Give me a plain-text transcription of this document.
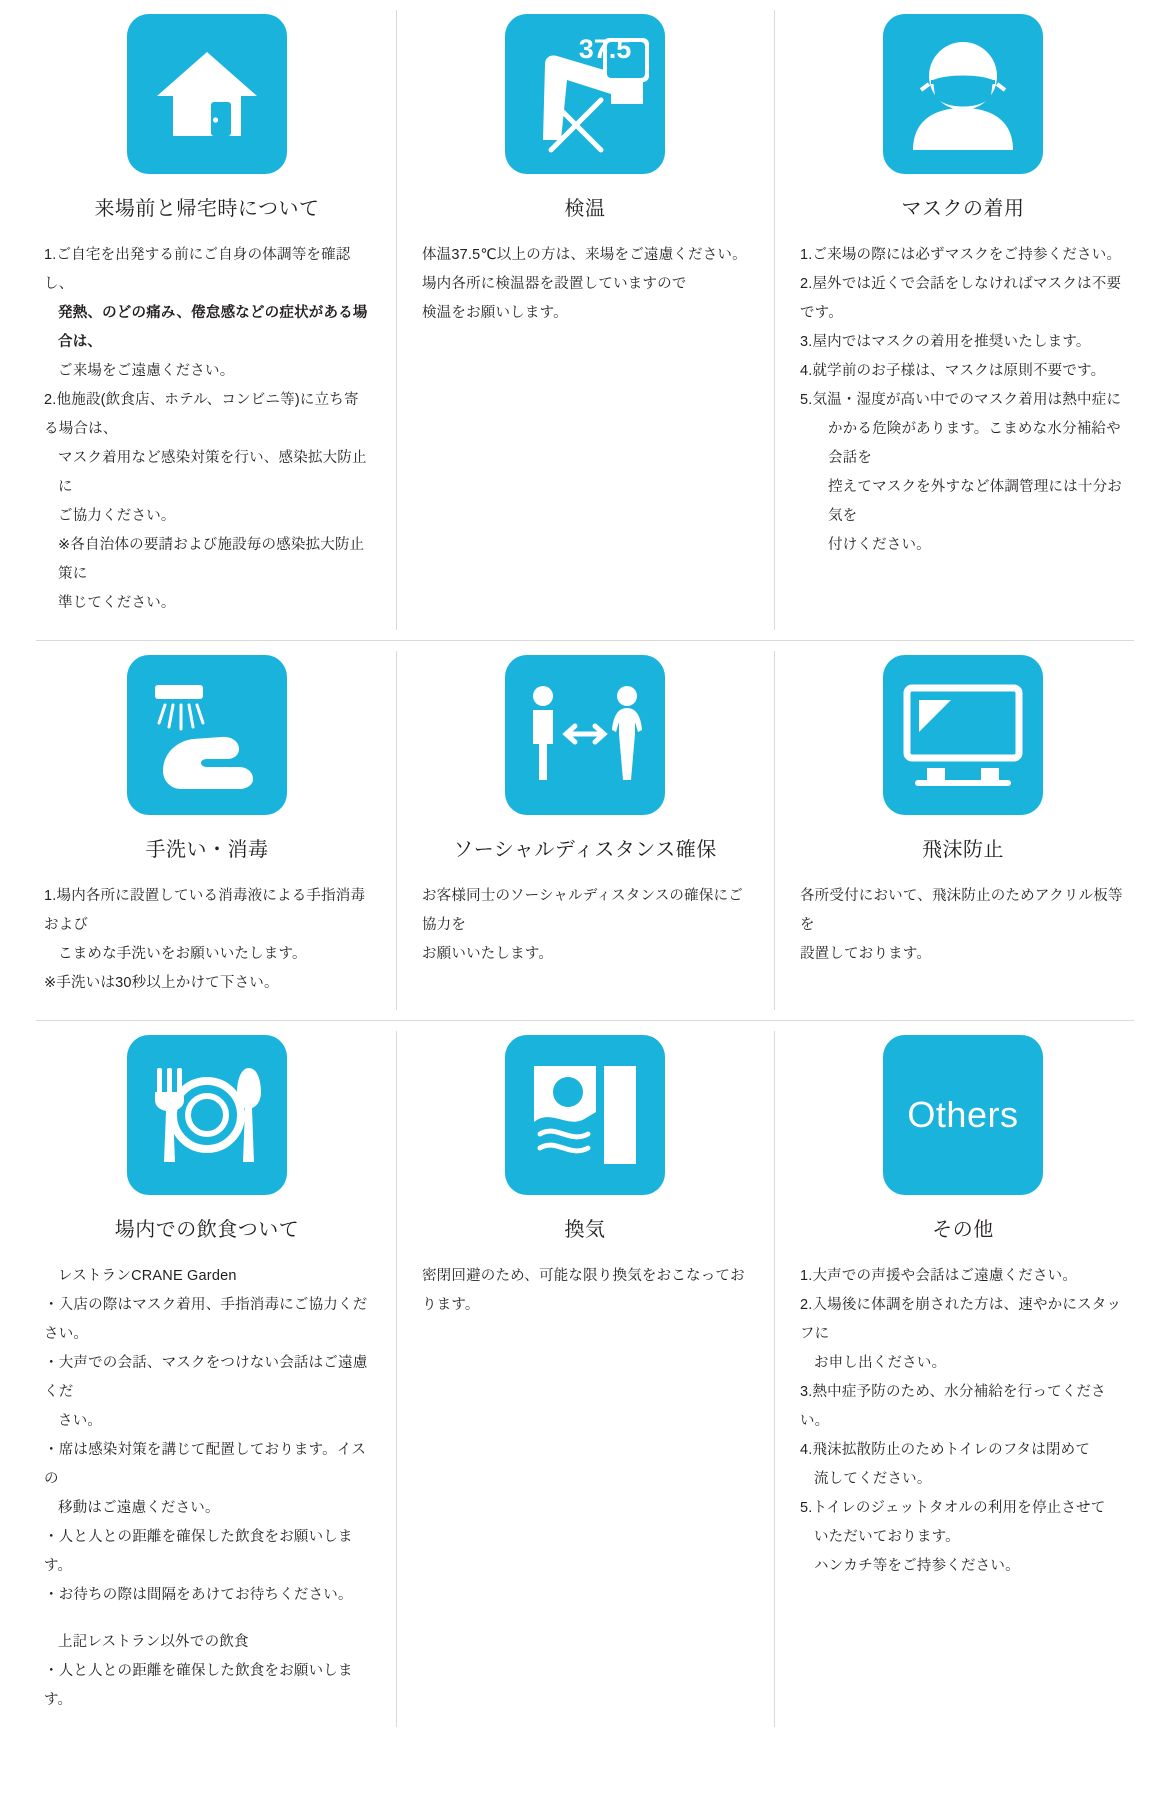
来場前と帰宅時について
1.ご自宅を出発する前にご自身の体調等を確認し、
発熱、のどの痛み、倦怠感などの症状がある場合は、
ご来場をご遠慮ください。
2.他施設(飲食店、ホテル、コンビニ等)に立ち寄る場合は、
マスク着用など感染対策を行い、感染拡大防止に
ご協力ください。
※各自治体の要請および施設毎の感染拡大防止策に
準じてください。
37.5
検温
体温37.5℃以上の方は、来場をご遠慮ください。
場内各所に検温器を設置していますので
検温をお願いします。
マスクの着用
1.ご来場の際には必ずマスクをご持参ください。
2.屋外では近くで会話をしなければマスクは不要です。
3.屋内ではマスクの着用を推奨いたします。
4.就学前のお子様は、マスクは原則不要です。
5.気温・湿度が高い中でのマスク着用は熱中症に
かかる危険があります。こまめな水分補給や会話を
控えてマスクを外すなど体調管理には十分お気を
付けください。
手洗い・消毒
1.場内各所に設置している消毒液による手指消毒および
こまめな手洗いをお願いいたします。
※手洗いは30秒以上かけて下さい。
ソーシャルディスタンス確保
お客様同士のソーシャルディスタンスの確保にご協力を
お願いいたします。
飛沫防止
各所受付において、飛沫防止のためアクリル板等を
設置しております。
場内での飲食ついて
レストランCRANE Garden
・入店の際はマスク着用、手指消毒にご協力ください。
・大声での会話、マスクをつけない会話はご遠慮くだ
さい。
・席は感染対策を講じて配置しております。イスの
移動はご遠慮ください。
・人と人との距離を確保した飲食をお願いします。
・お待ちの際は間隔をあけてお待ちください。
上記レストラン以外での飲食
・人と人との距離を確保した飲食をお願いします。
換気
密閉回避のため、可能な限り換気をおこなっております。
Others
その他
1.大声での声援や会話はご遠慮ください。
2.入場後に体調を崩された方は、速やかにスタッフに
お申し出ください。
3.熱中症予防のため、水分補給を行ってください。
4.飛沫拡散防止のためトイレのフタは閉めて
流してください。
5.トイレのジェットタオルの利用を停止させて
いただいております。
ハンカチ等をご持参ください。
